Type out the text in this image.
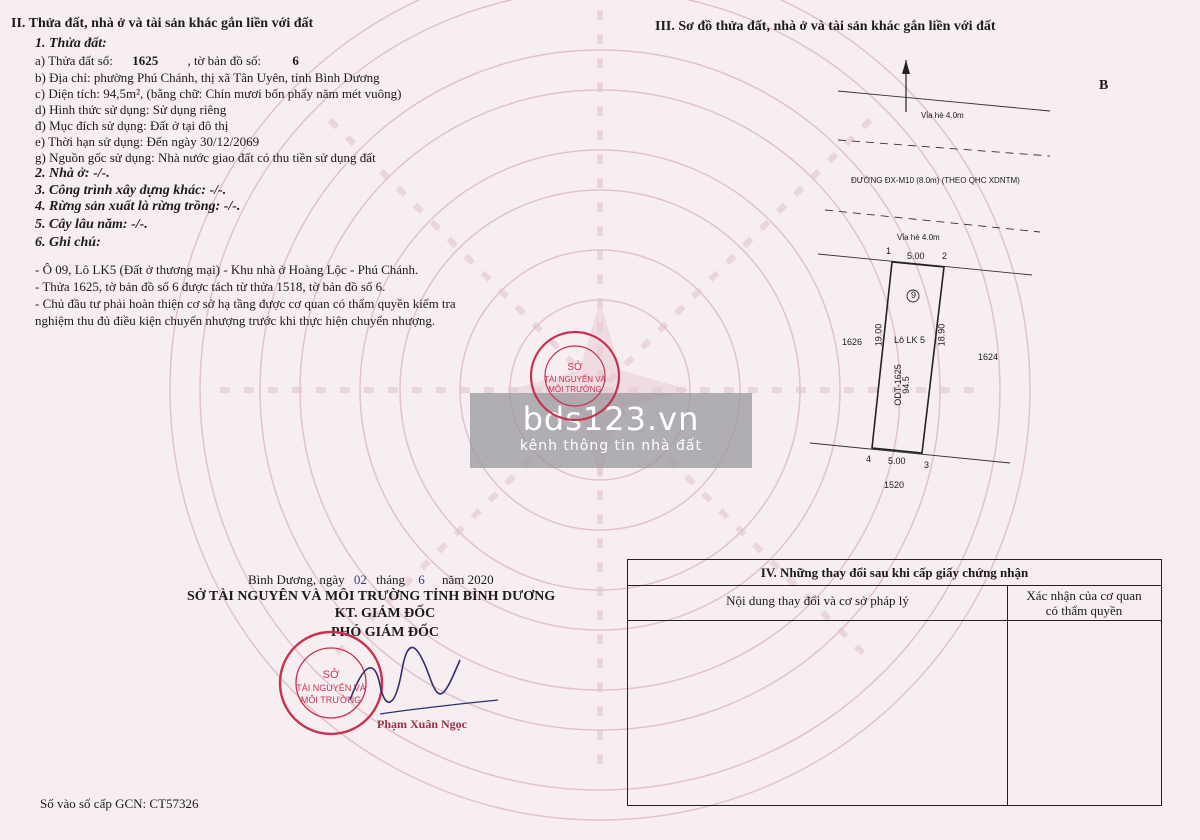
II. Thửa đất, nhà ở và tài sản khác gắn liền với đất
1. Thửa đất:
a) Thửa đất số: 1625 , tờ bản đồ số: 6
b) Địa chỉ: phường Phú Chánh, thị xã Tân Uyên, tỉnh Bình Dương
c) Diện tích: 94,5m², (bằng chữ: Chín mươi bốn phẩy năm mét vuông)
d) Hình thức sử dụng: Sử dụng riêng
đ) Mục đích sử dụng: Đất ở tại đô thị
e) Thời hạn sử dụng: Đến ngày 30/12/2069
g) Nguồn gốc sử dụng: Nhà nước giao đất có thu tiền sử dụng đất
2. Nhà ở: -/-.
3. Công trình xây dựng khác: -/-.
4. Rừng sản xuất là rừng trồng: -/-.
5. Cây lâu năm: -/-.
6. Ghi chú:
- Ô 09, Lô LK5 (Đất ở thương mại) - Khu nhà ở Hoàng Lộc - Phú Chánh.
- Thửa 1625, tờ bản đồ số 6 được tách từ thửa 1518, tờ bản đồ số 6.
- Chủ đầu tư phải hoàn thiện cơ sở hạ tầng được cơ quan có thẩm quyền kiểm tra
nghiệm thu đủ điều kiện chuyển nhượng trước khi thực hiện chuyển nhượng.
III. Sơ đồ thửa đất, nhà ở và tài sản khác gắn liền với đất
B
Vỉa hè 4.0m
ĐƯỜNG ĐX-M10 (8.0m) (THEO QHC XDNTM)
Vỉa hè 4.0m
1	2
3
4
5.00
5.00
19.00	18.90
9
Lô LK 5
ODT-1625
94.5
1626
1624
1520
bds123.vn
kênh thông tin nhà đất
SỞ
TÀI NGUYÊN VÀ
MÔI TRƯỜNG
Bình Dương, ngày 02 tháng 6 năm 2020
SỞ TÀI NGUYÊN VÀ MÔI TRƯỜNG TỈNH BÌNH DƯƠNG
KT. GIÁM ĐỐC
PHÓ GIÁM ĐỐC
SỞ
TÀI NGUYÊN VÀ
MÔI TRƯỜNG
Phạm Xuân Ngọc
IV. Những thay đổi sau khi cấp giấy chứng nhận
Nội dung thay đổi và cơ sở pháp lý	Xác nhận của cơ quan
có thẩm quyền
Số vào sổ cấp GCN: CT57326
